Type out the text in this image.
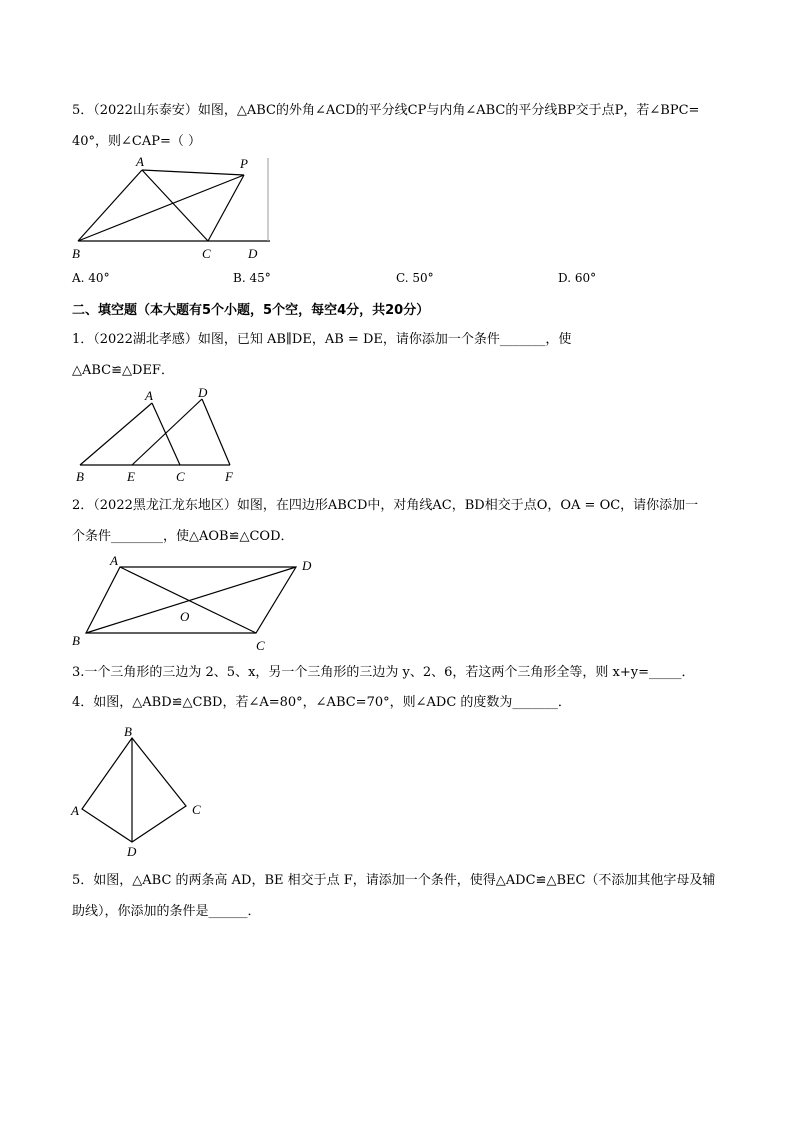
5．（2022山东泰安）如图，△ABC的外角∠ACD的平分线CP与内角∠ABC的平分线BP交于点P，若∠BPC=
40°，则∠CAP=（ ）
A	P
B	C	D
A. 40°	B. 45°	C. 50°	D. 60°
二、填空题（本大题有5个小题，5个空，每空4分，共20分）
1．（2022湖北孝感）如图，已知 AB∥DE，AB = DE，请你添加一个条件_______，使
△ABC≌△DEF．
A	D
B	E	C	F
2．（2022黑龙江龙东地区）如图，在四边形ABCD中，对角线AC，BD相交于点O，OA = OC，请你添加一
个条件________，使△AOB≌△COD．
A	D
O
B	C
3.一个三角形的三边为 2、5、x，另一个三角形的三边为 y、2、6，若这两个三角形全等，则 x+y=_____．
4．如图，△ABD≌△CBD，若∠A=80°，∠ABC=70°，则∠ADC 的度数为_______．
B
A	C
D
5．如图，△ABC 的两条高 AD，BE 相交于点 F，请添加一个条件，使得△ADC≌△BEC（不添加其他字母及辅
助线），你添加的条件是______．
